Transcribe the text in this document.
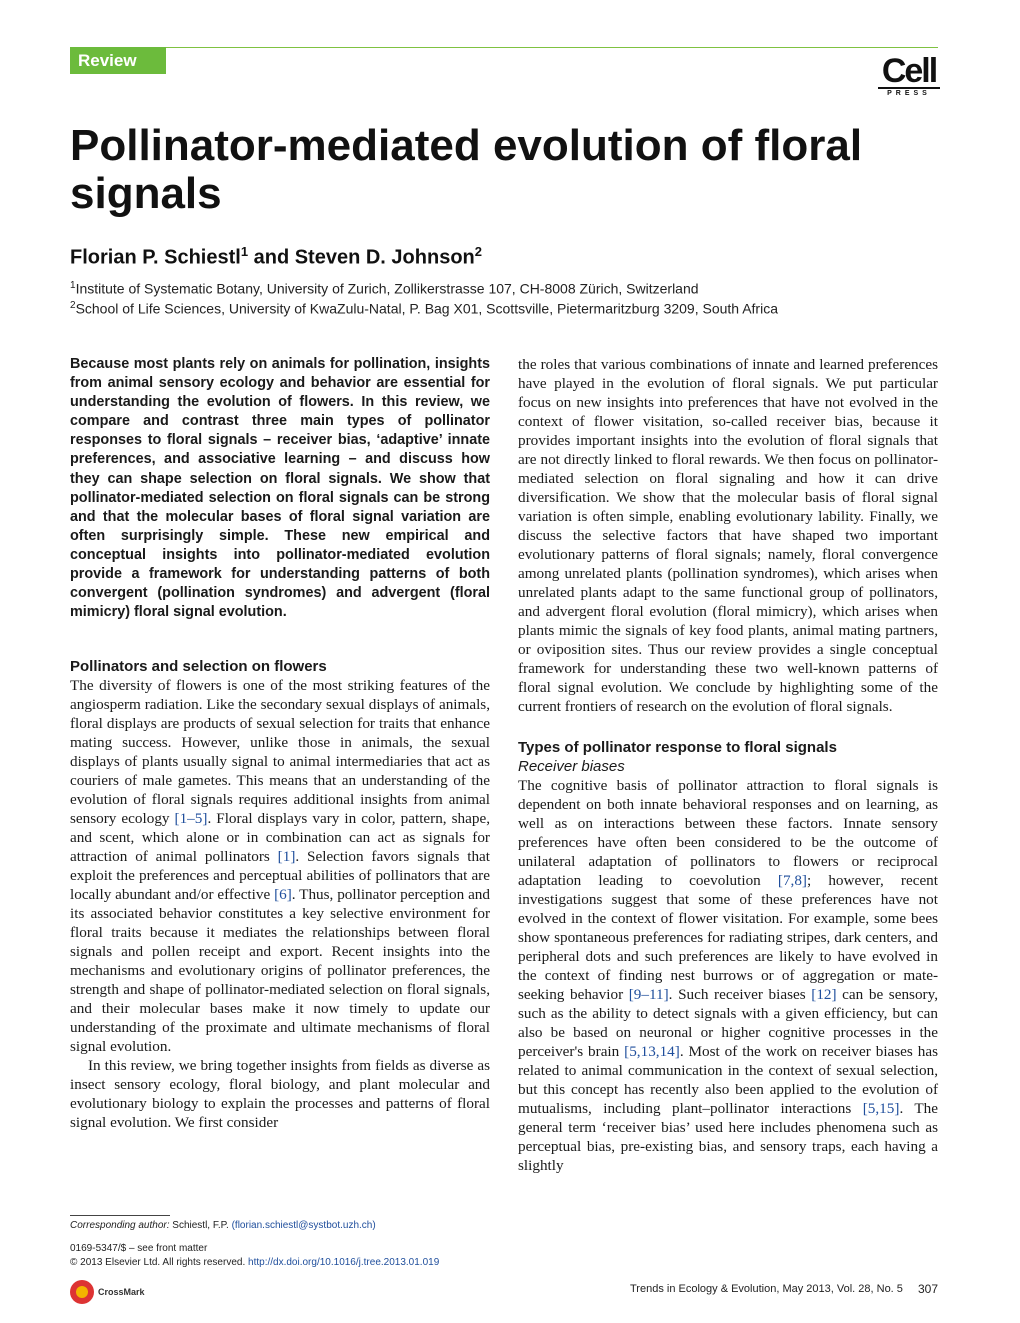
Review	Cell
PRESS
Pollinator-mediated evolution of floral signals
Florian P. Schiestl$^1$ and Steven D. Johnson$^2$
$^1$Institute of Systematic Botany, University of Zurich, Zollikerstrasse 107, CH-8008 Zürich, Switzerland
$^2$School of Life Sciences, University of KwaZulu-Natal, P. Bag X01, Scottsville, Pietermaritzburg 3209, South Africa
Because most plants rely on animals for pollination, insights from animal sensory ecology and behavior are essential for understanding the evolution of flowers. In this review, we compare and contrast three main types of pollinator responses to floral signals – receiver bias, ‘adaptive’ innate preferences, and associative learning – and discuss how they can shape selection on floral signals. We show that pollinator-mediated selection on floral signals can be strong and that the molecular bases of floral signal variation are often surprisingly simple. These new empirical and conceptual insights into pollinator-mediated evolution provide a framework for understanding patterns of both convergent (pollination syndromes) and advergent (floral mimicry) floral signal evolution.
Pollinators and selection on flowers

The diversity of flowers is one of the most striking features of the angiosperm radiation. Like the secondary sexual displays of animals, floral displays are products of sexual selection for traits that enhance mating success. However, unlike those in animals, the sexual displays of plants usually signal to animal intermediaries that act as couriers of male gametes. This means that an understanding of the evolution of floral signals requires additional insights from animal sensory ecology [1–5]. Floral displays vary in color, pattern, shape, and scent, which alone or in combination can act as signals for attraction of animal pollinators [1]. Selection favors signals that exploit the preferences and perceptual abilities of pollinators that are locally abundant and/or effective [6]. Thus, pollinator perception and its associated behavior constitutes a key selective environment for floral traits because it mediates the relationships between floral signals and pollen receipt and export. Recent insights into the mechanisms and evolutionary origins of pollinator preferences, the strength and shape of pollinator-mediated selection on floral signals, and their molecular bases make it now timely to update our understanding of the proximate and ultimate mechanisms of floral signal evolution.

In this review, we bring together insights from fields as diverse as insect sensory ecology, floral biology, and plant molecular and evolutionary biology to explain the processes and patterns of floral signal evolution. We first consider

the roles that various combinations of innate and learned preferences have played in the evolution of floral signals. We put particular focus on new insights into preferences that have not evolved in the context of flower visitation, so-called receiver bias, because it provides important insights into the evolution of floral signals that are not directly linked to floral rewards. We then focus on pollinator-mediated selection on floral signaling and how it can drive diversification. We show that the molecular basis of floral signal variation is often simple, enabling evolutionary lability. Finally, we discuss the selective factors that have shaped two important evolutionary patterns of floral signals; namely, floral convergence among unrelated plants (pollination syndromes), which arises when unrelated plants adapt to the same functional group of pollinators, and advergent floral evolution (floral mimicry), which arises when plants mimic the signals of key food plants, animal mating partners, or oviposition sites. Thus our review provides a single conceptual framework for understanding these two well-known patterns of floral signal evolution. We conclude by highlighting some of the current frontiers of research on the evolution of floral signals.

Types of pollinator response to floral signals
Receiver biases

The cognitive basis of pollinator attraction to floral signals is dependent on both innate behavioral responses and on learning, as well as on interactions between these factors. Innate sensory preferences have often been considered to be the outcome of unilateral adaptation of pollinators to flowers or reciprocal adaptation leading to coevolution [7,8]; however, recent investigations suggest that some of these preferences have not evolved in the context of flower visitation. For example, some bees show spontaneous preferences for radiating stripes, dark centers, and peripheral dots and such preferences are likely to have evolved in the context of finding nest burrows or of aggregation or mate-seeking behavior [9–11]. Such receiver biases [12] can be sensory, such as the ability to detect signals with a given efficiency, but can also be based on neuronal or higher cognitive processes in the perceiver's brain [5,13,14]. Most of the work on receiver biases has related to animal communication in the context of sexual selection, but this concept has recently also been applied to the evolution of mutualisms, including plant–pollinator interactions [5,15]. The general term ‘receiver bias’ used here includes phenomena such as perceptual bias, pre-existing bias, and sensory traps, each having a slightly

Corresponding author: Schiestl, F.P. (florian.schiestl@systbot.uzh.ch)
0169-5347/$ – see front matter
© 2013 Elsevier Ltd. All rights reserved. http://dx.doi.org/10.1016/j.tree.2013.01.019
CrossMark	Trends in Ecology & Evolution, May 2013, Vol. 28, No. 5 307
